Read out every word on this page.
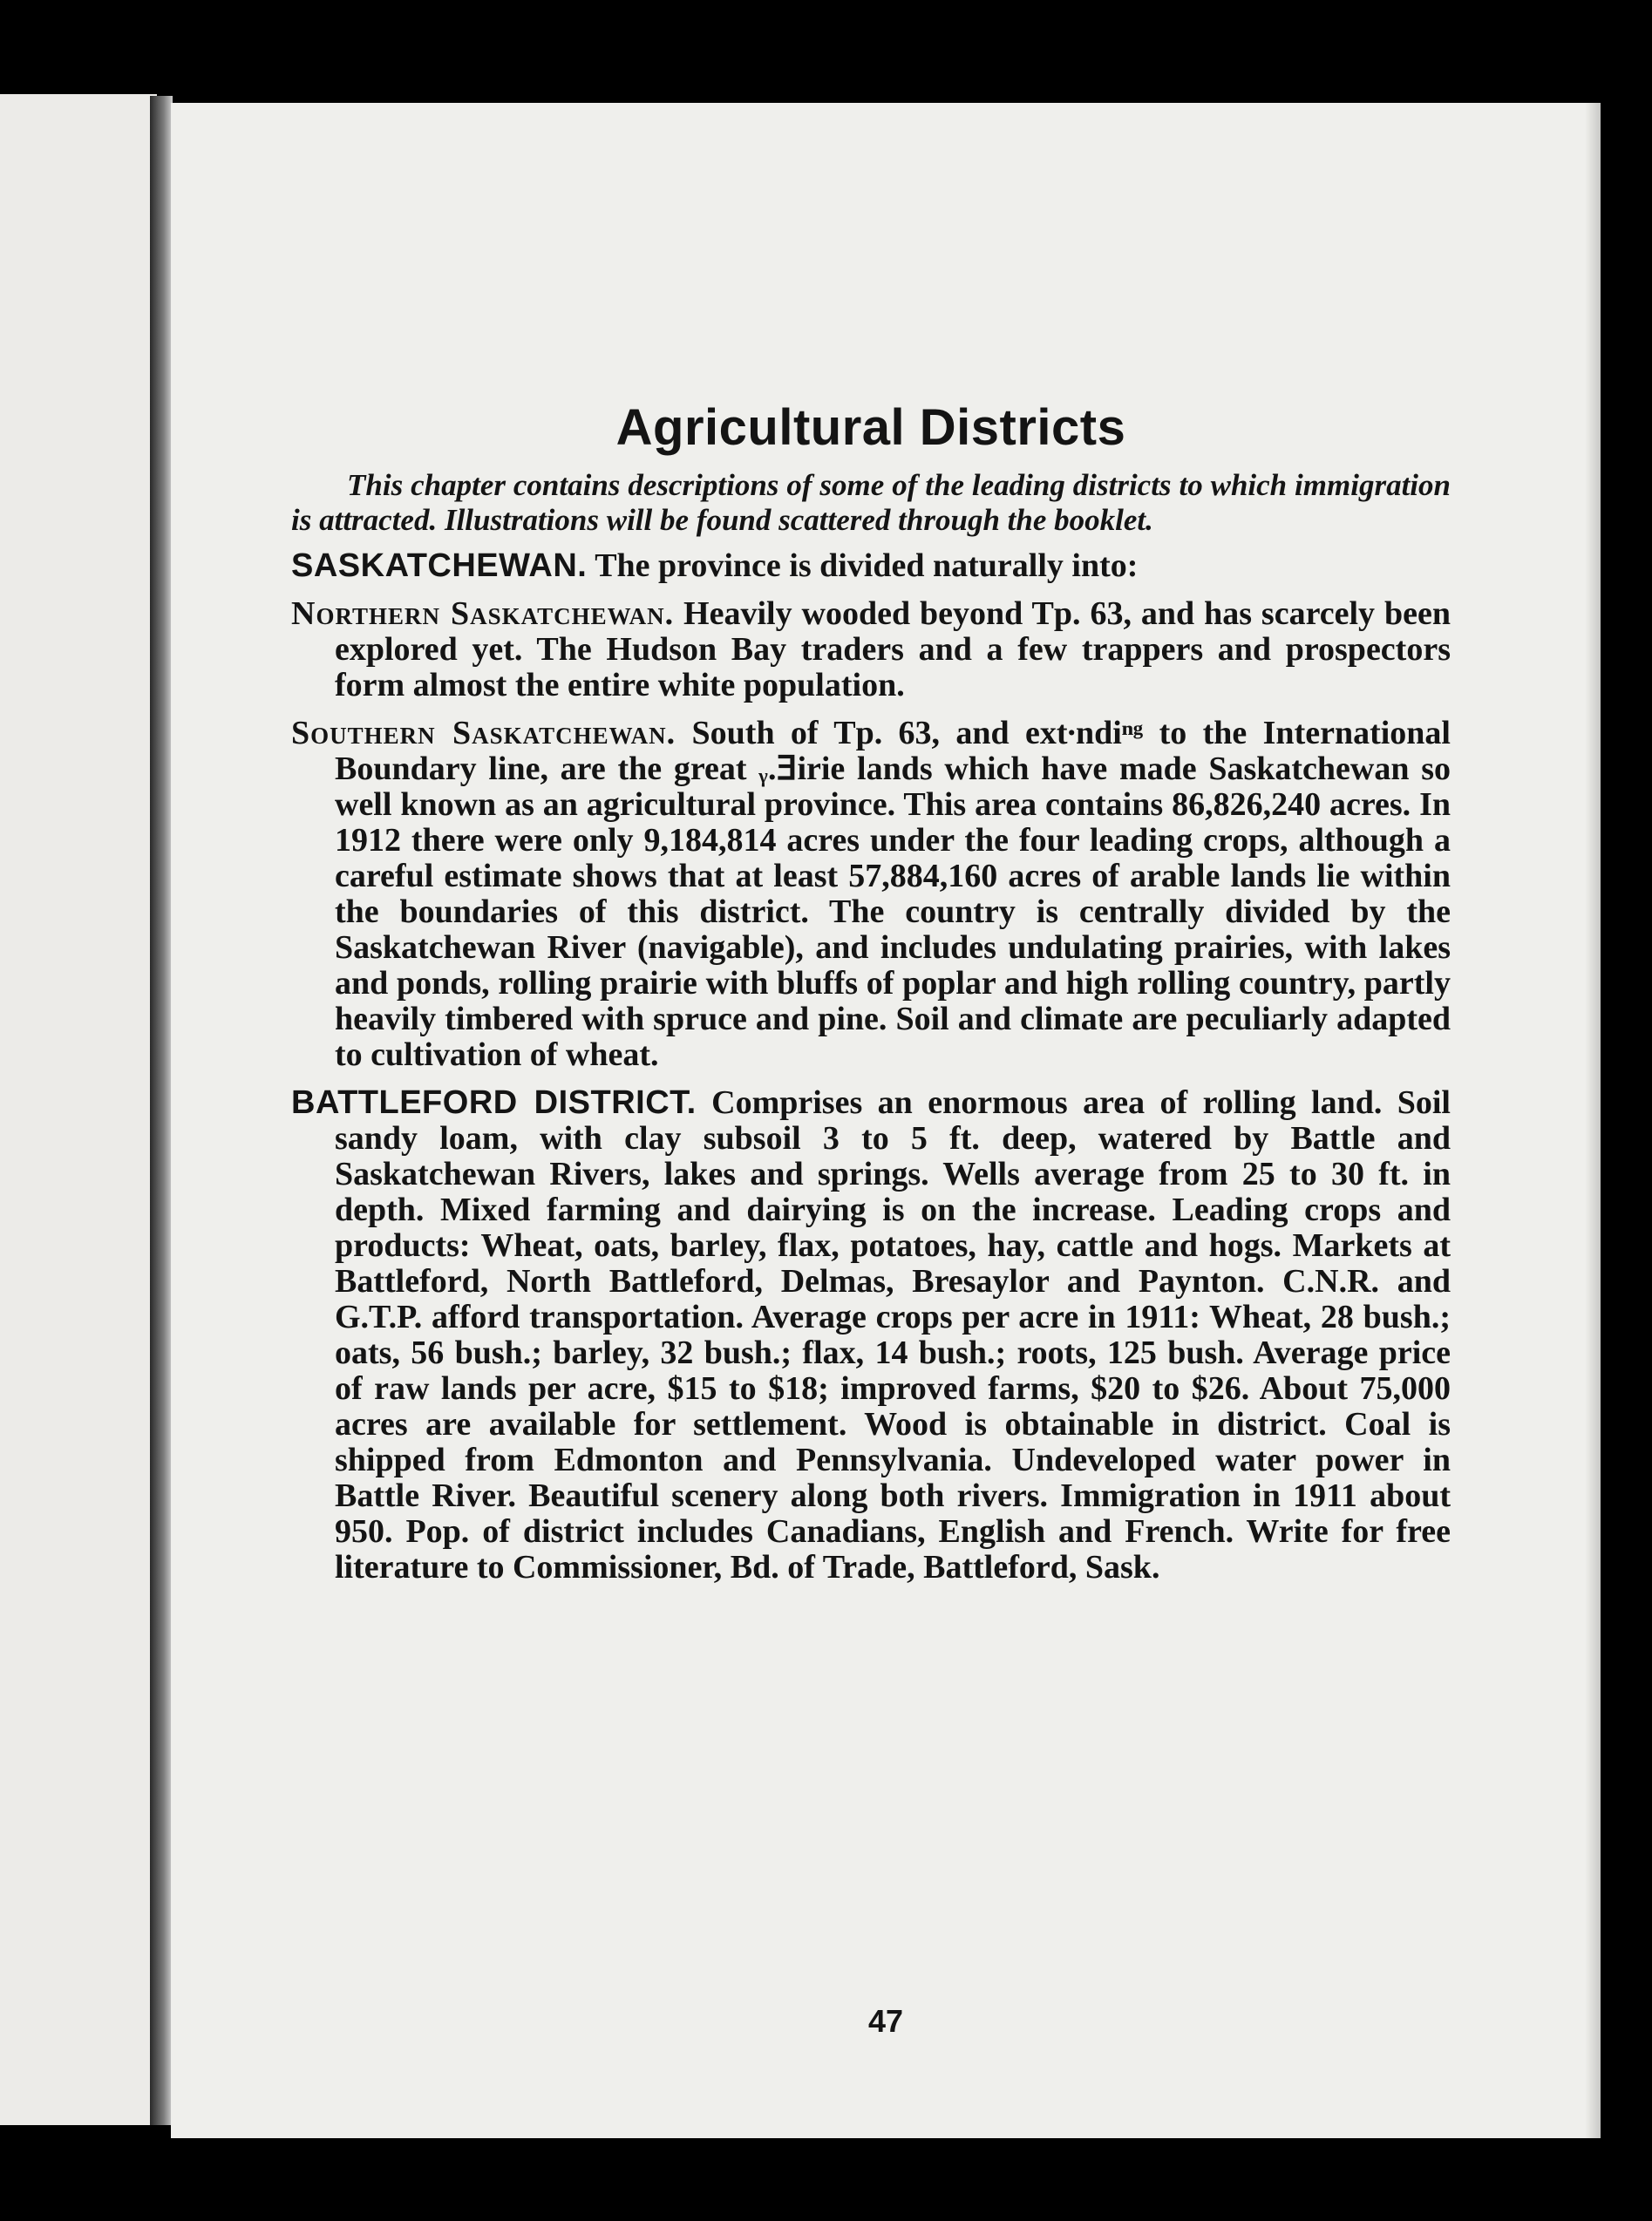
Agricultural Districts

This chapter contains descriptions of some of the leading districts to which immigration is attracted. Illustrations will be found scattered through the booklet.

SASKATCHEWAN. The province is divided naturally into:

Northern Saskatchewan. Heavily wooded beyond Tp. 63, and has scarcely been explored yet. The Hudson Bay traders and a few trappers and prospectors form almost the entire white population.

Southern Saskatchewan. South of Tp. 63, and ext∙ndiⁿᵍ to the International Boundary line, are the great ᵧ.ⴺirie lands which have made Saskatchewan so well known as an agricultural province. This area contains 86,826,240 acres. In 1912 there were only 9,184,814 acres under the four leading crops, although a careful estimate shows that at least 57,884,160 acres of arable lands lie within the boundaries of this district. The country is centrally divided by the Saskatchewan River (navigable), and includes undulating prairies, with lakes and ponds, rolling prairie with bluffs of poplar and high rolling country, partly heavily timbered with spruce and pine. Soil and climate are peculiarly adapted to cultivation of wheat.

BATTLEFORD DISTRICT. Comprises an enormous area of rolling land. Soil sandy loam, with clay subsoil 3 to 5 ft. deep, watered by Battle and Saskatchewan Rivers, lakes and springs. Wells average from 25 to 30 ft. in depth. Mixed farming and dairying is on the increase. Leading crops and products: Wheat, oats, barley, flax, potatoes, hay, cattle and hogs. Markets at Battleford, North Battleford, Delmas, Bresaylor and Paynton. C.N.R. and G.T.P. afford transportation. Average crops per acre in 1911: Wheat, 28 bush.; oats, 56 bush.; barley, 32 bush.; flax, 14 bush.; roots, 125 bush. Average price of raw lands per acre, $15 to $18; improved farms, $20 to $26. About 75,000 acres are available for settlement. Wood is obtainable in district. Coal is shipped from Edmonton and Pennsylvania. Undeveloped water power in Battle River. Beautiful scenery along both rivers. Immigration in 1911 about 950. Pop. of district includes Canadians, English and French. Write for free literature to Commissioner, Bd. of Trade, Battleford, Sask.

47
